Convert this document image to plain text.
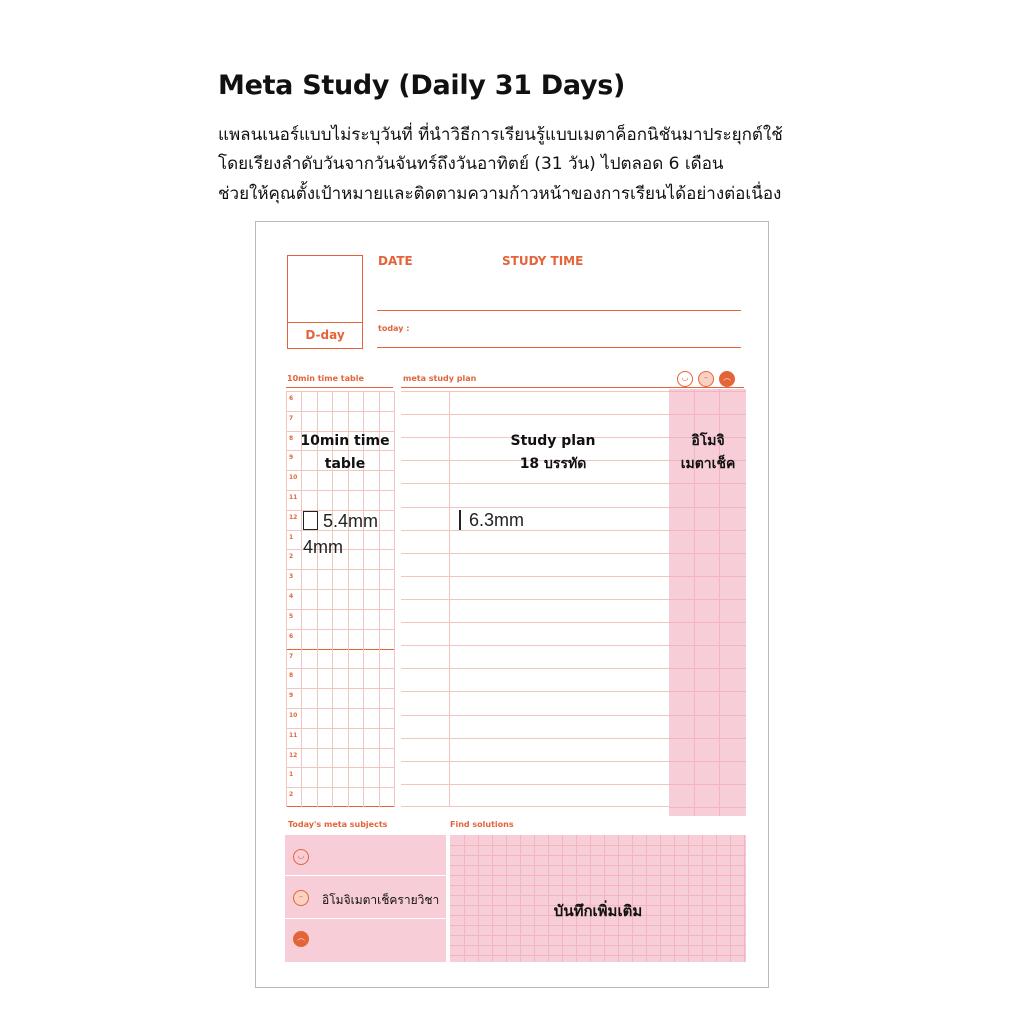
Meta Study (Daily 31 Days)
แพลนเนอร์แบบไม่ระบุวันที่ ที่นำวิธีการเรียนรู้แบบเมตาค็อกนิชันมาประยุกต์ใช้
โดยเรียงลำดับวันจากวันจันทร์ถึงวันอาทิตย์ (31 วัน) ไปตลอด 6 เดือน
ช่วยให้คุณตั้งเป้าหมายและติดตามความก้าวหน้าของการเรียนได้อย่างต่อเนื่อง
D-day
DATE	STUDY TIME
today :
10min time table	meta study plan	◡	–	︵
6
7
8
9
10
11
12
1
2
3
4
5
6
7
8
9
10
11
12
1
2
10min time
table
Study plan
18 บรรทัด
อิโมจิ
เมตาเช็ค
5.4mm
4mm
6.3mm
Today's meta subjects	Find solutions
◡
–
︵
อิโมจิเมตาเช็ครายวิชา
บันทึกเพิ่มเติม
